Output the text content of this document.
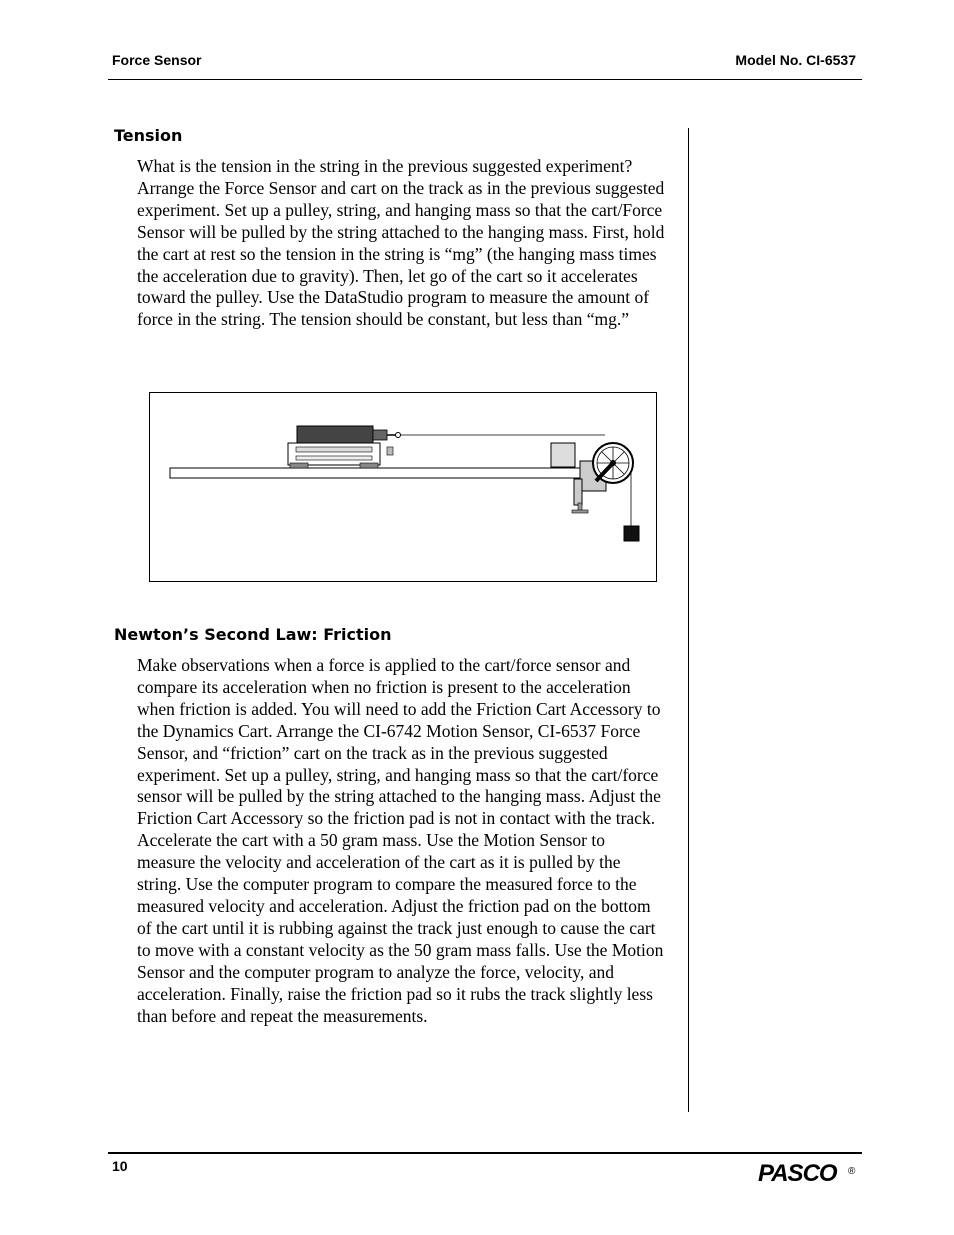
Force Sensor	Model No. CI-6537
Tension

What is the tension in the string in the previous suggested experiment? Arrange the Force Sensor and cart on the track as in the previous suggested experiment. Set up a pulley, string, and hanging mass so that the cart/Force Sensor will be pulled by the string attached to the hanging mass. First, hold the cart at rest so the tension in the string is “mg” (the hanging mass times the acceleration due to gravity). Then, let go of the cart so it accelerates toward the pulley. Use the DataStudio program to measure the amount of force in the string. The tension should be constant, but less than “mg.”

Newton’s Second Law: Friction

Make observations when a force is applied to the cart/force sensor and compare its acceleration when no friction is present to the acceleration when friction is added. You will need to add the Friction Cart Accessory to the Dynamics Cart. Arrange the CI-6742 Motion Sensor, CI-6537 Force Sensor, and “friction” cart on the track as in the previous suggested experiment. Set up a pulley, string, and hanging mass so that the cart/force sensor will be pulled by the string attached to the hanging mass. Adjust the Friction Cart Accessory so the friction pad is not in contact with the track. Accelerate the cart with a 50 gram mass. Use the Motion Sensor to measure the velocity and acceleration of the cart as it is pulled by the string. Use the computer program to compare the measured force to the measured velocity and acceleration. Adjust the friction pad on the bottom of the cart until it is rubbing against the track just enough to cause the cart to move with a constant velocity as the 50 gram mass falls. Use the Motion Sensor and the computer program to analyze the force, velocity, and acceleration. Finally, raise the friction pad so it rubs the track slightly less than before and repeat the measurements.

10	PASCO ®
